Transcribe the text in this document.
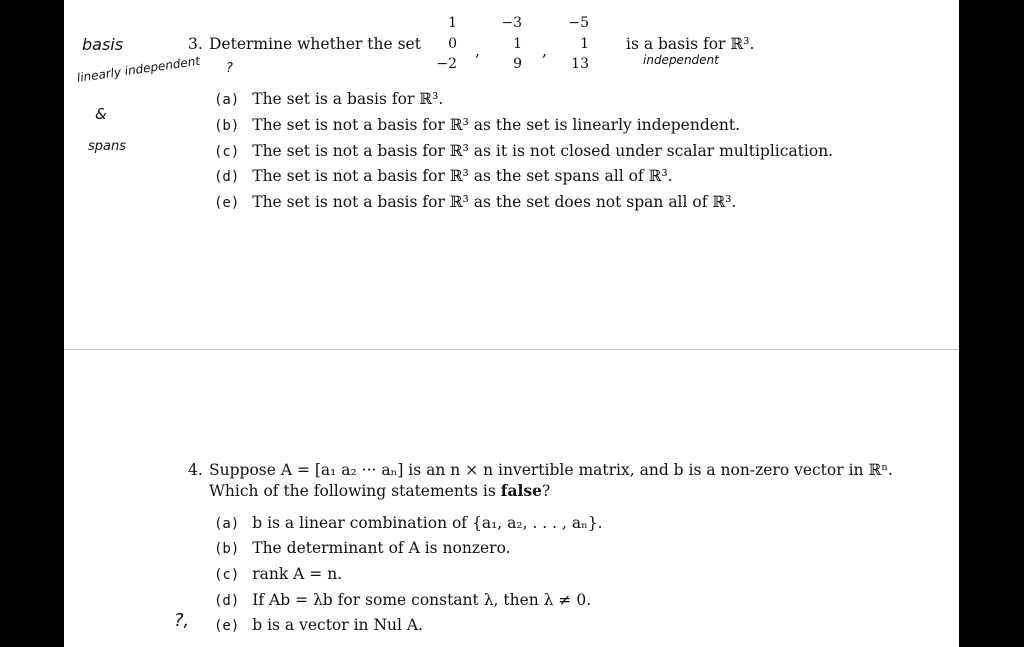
3. Determine whether the set
1
0
−2
,
−3
1
9
,
−5
1
13
is a basis for ℝ³.
(a) The set is a basis for ℝ³.
(b) The set is not a basis for ℝ³ as the set is linearly independent.
(c) The set is not a basis for ℝ³ as it is not closed under scalar multiplication.
(d) The set is not a basis for ℝ³ as the set spans all of ℝ³.
(e) The set is not a basis for ℝ³ as the set does not span all of ℝ³.
basis
linearly independent
&
spans
?
independent
4. Suppose A = [a₁ a₂ ··· aₙ] is an n × n invertible matrix, and b is a non-zero vector in ℝⁿ.
Which of the following statements is false?
(a) b is a linear combination of {a₁, a₂, . . . , aₙ}.
(b) The determinant of A is nonzero.
(c) rank A = n.
(d) If Ab = λb for some constant λ, then λ ≠ 0.
(e) b is a vector in Nul A.
?,
